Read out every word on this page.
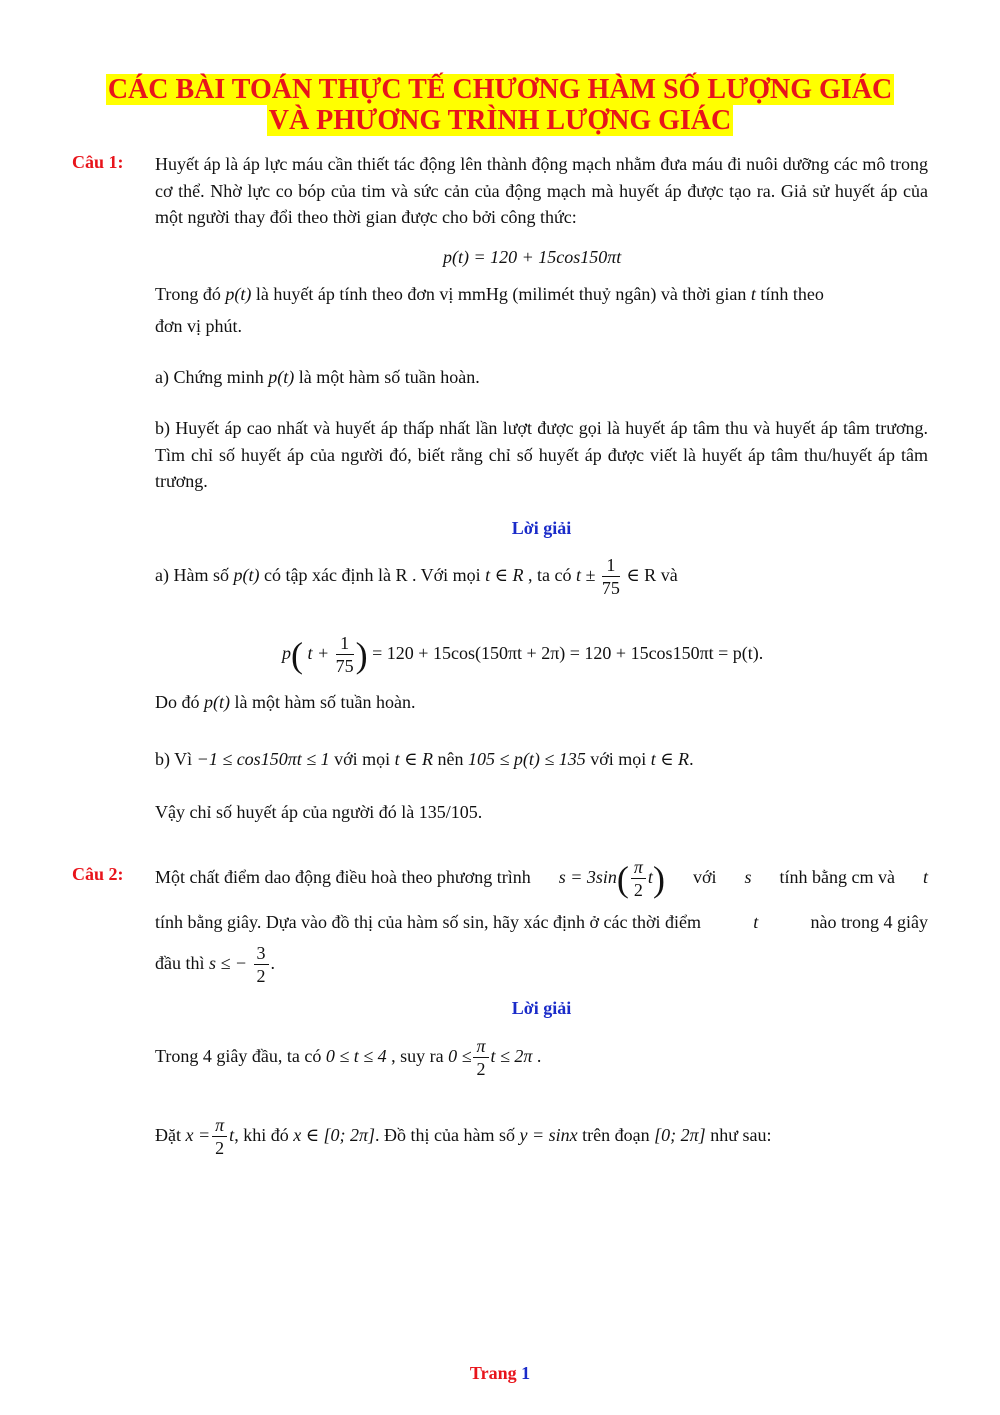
CÁC BÀI TOÁN THỰC TẾ CHƯƠNG HÀM SỐ LƯỢNG GIÁC
VÀ PHƯƠNG TRÌNH LƯỢNG GIÁC
Câu 1: Huyết áp là áp lực máu cần thiết tác động lên thành động mạch nhằm đưa máu đi nuôi dưỡng các mô trong cơ thể. Nhờ lực co bóp của tim và sức cản của động mạch mà huyết áp được tạo ra. Giả sử huyết áp của một người thay đổi theo thời gian được cho bởi công thức:
p(t) = 120 + 15cos150πt
Trong đó p(t) là huyết áp tính theo đơn vị mmHg (milimét thuỷ ngân) và thời gian t tính theo
đơn vị phút.
a) Chứng minh p(t) là một hàm số tuần hoàn.
b) Huyết áp cao nhất và huyết áp thấp nhất lần lượt được gọi là huyết áp tâm thu và huyết áp tâm trương. Tìm chỉ số huyết áp của người đó, biết rằng chỉ số huyết áp được viết là huyết áp tâm thu/huyết áp tâm trương.
Lời giải
a) Hàm số p(t) có tập xác định là R . Với mọi t ∈ R , ta có $t \pm \frac{1}{75}$ ∈ R và
p( $t + \frac{1}{75}$ ) = 120 + 15cos(150πt + 2π) = 120 + 15cos150πt = p(t).
Do đó p(t) là một hàm số tuần hoàn.
b) Vì −1 ≤ cos150πt ≤ 1 với mọi t ∈ R nên 105 ≤ p(t) ≤ 135 với mọi t ∈ R.
Vậy chỉ số huyết áp của người đó là 135/105.
Câu 2: Một chất điểm dao động điều hoà theo phương trình $s = 3\sin( \frac{\pi}{2} t)$ với s tính bằng cm và t
tính bằng giây. Dựa vào đồ thị của hàm số sin, hãy xác định ở các thời điểm	t	nào trong 4 giây
đầu thì s ≤ − $\frac{3}{2}$ .
Lời giải
Trong 4 giây đầu, ta có 0 ≤ t ≤ 4 , suy ra $0 \le \frac{\pi}{2}$ t ≤ 2π .
Đặt $x = \frac{\pi}{2} t$, khi đó x ∈ [0; 2π]. Đồ thị của hàm số y = sinx trên đoạn [0; 2π] như sau:
Trang 1
